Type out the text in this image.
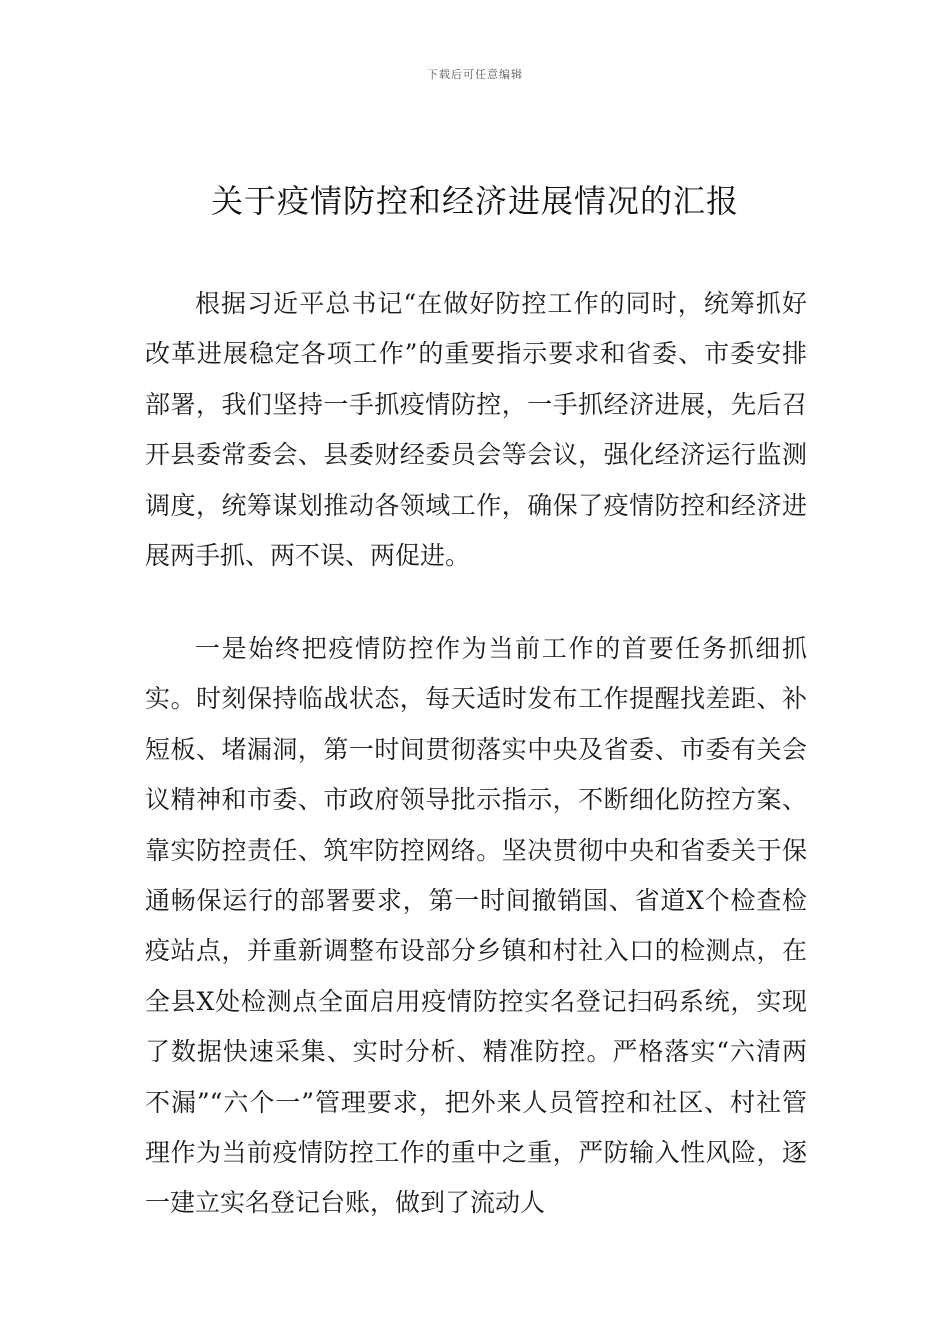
下载后可任意编辑
关于疫情防控和经济进展情况的汇报

根据习近平总书记“在做好防控工作的同时，统筹抓好改革进展稳定各项工作”的重要指示要求和省委、市委安排部署，我们坚持一手抓疫情防控，一手抓经济进展，先后召开县委常委会、县委财经委员会等会议，强化经济运行监测调度，统筹谋划推动各领域工作，确保了疫情防控和经济进展两手抓、两不误、两促进。

一是始终把疫情防控作为当前工作的首要任务抓细抓实。时刻保持临战状态，每天适时发布工作提醒找差距、补短板、堵漏洞，第一时间贯彻落实中央及省委、市委有关会议精神和市委、市政府领导批示指示，不断细化防控方案、靠实防控责任、筑牢防控网络。坚决贯彻中央和省委关于保通畅保运行的部署要求，第一时间撤销国、省道X个检查检疫站点，并重新调整布设部分乡镇和村社入口的检测点，在全县X处检测点全面启用疫情防控实名登记扫码系统，实现了数据快速采集、实时分析、精准防控。严格落实“六清两不漏”“六个一”管理要求，把外来人员管控和社区、村社管理作为当前疫情防控工作的重中之重，严防输入性风险，逐一建立实名登记台账，做到了流动人
